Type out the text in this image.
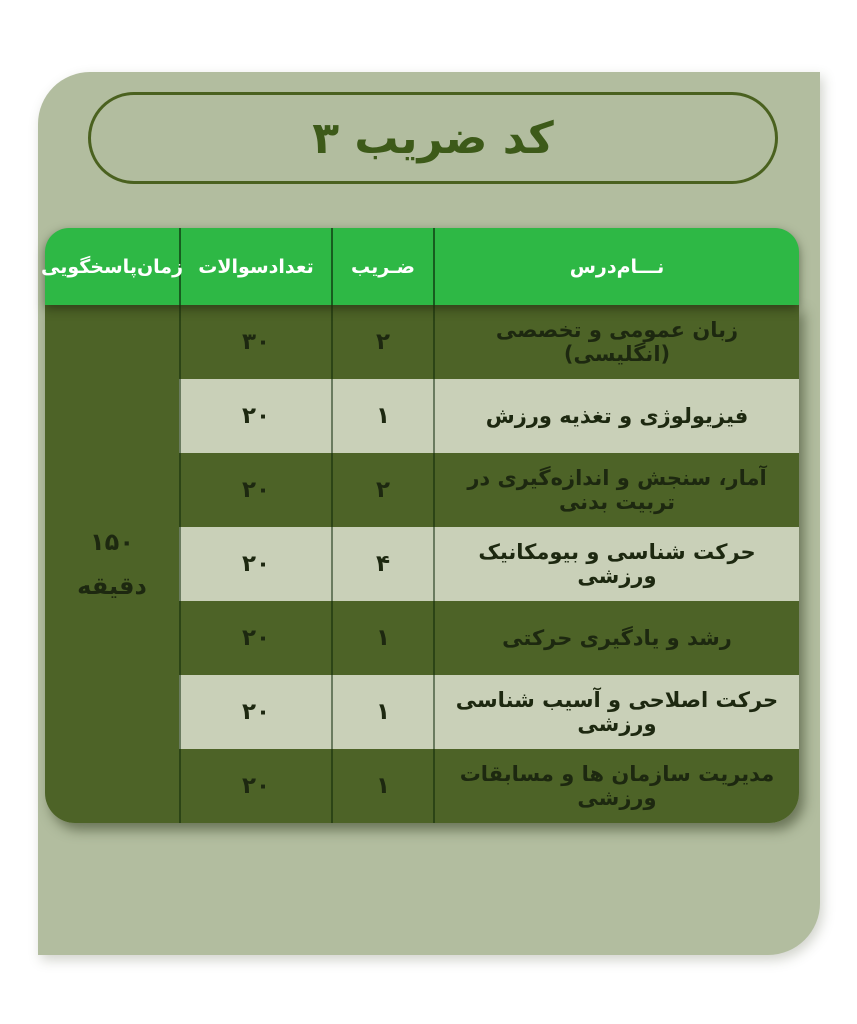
کد ضریب ۳
نـــام‌درس
ضـریب
تعدادسوالات
زمان‌پاسخگویی
۱۵۰
دقیقه
زبان عمومی و تخصصی (انگلیسی)
۲
۳۰
فیزیولوژی و تغذیه ورزش
۱
۲۰
آمار، سنجش و اندازه‌گیری در تربیت بدنی
۲
۲۰
حرکت شناسی و بیومکانیک ورزشی
۴
۲۰
رشد و یادگیری حرکتی
۱
۲۰
حرکت اصلاحی و آسیب شناسی ورزشی
۱
۲۰
مدیریت سازمان ها و مسابقات ورزشی
۱
۲۰
